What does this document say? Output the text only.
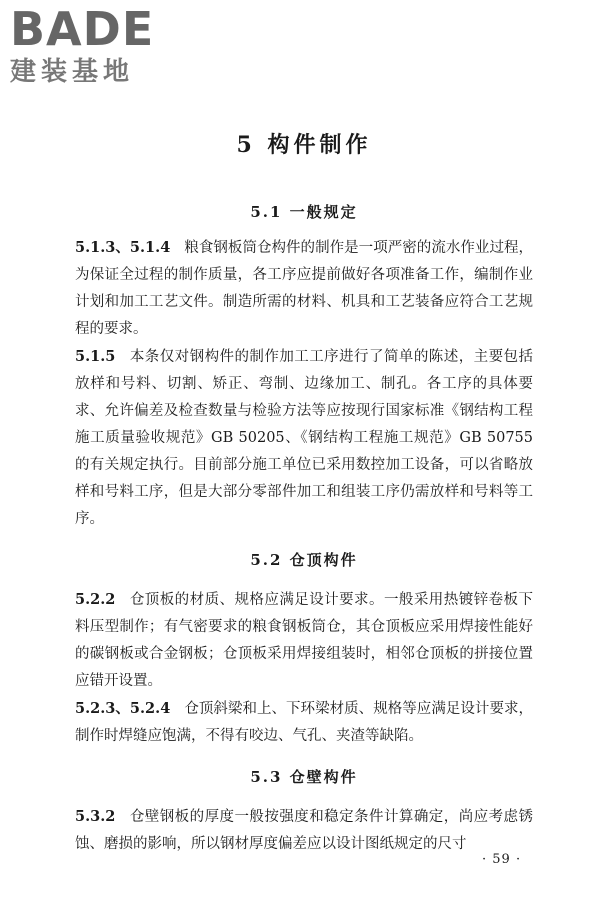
BADE
建装基地
5 构件制作
5.1 一般规定

5.1.3、5.1.4 粮食钢板筒仓构件的制作是一项严密的流水作业过程，为保证全过程的制作质量，各工序应提前做好各项准备工作，编制作业计划和加工工艺文件。制造所需的材料、机具和工艺装备应符合工艺规程的要求。

5.1.5 本条仅对钢构件的制作加工工序进行了简单的陈述，主要包括放样和号料、切割、矫正、弯制、边缘加工、制孔。各工序的具体要求、允许偏差及检查数量与检验方法等应按现行国家标准《钢结构工程施工质量验收规范》GB 50205、《钢结构工程施工规范》GB 50755 的有关规定执行。目前部分施工单位已采用数控加工设备，可以省略放样和号料工序，但是大部分零部件加工和组装工序仍需放样和号料等工序。

5.2 仓顶构件

5.2.2 仓顶板的材质、规格应满足设计要求。一般采用热镀锌卷板下料压型制作；有气密要求的粮食钢板筒仓，其仓顶板应采用焊接性能好的碳钢板或合金钢板；仓顶板采用焊接组装时，相邻仓顶板的拼接位置应错开设置。

5.2.3、5.2.4 仓顶斜梁和上、下环梁材质、规格等应满足设计要求，制作时焊缝应饱满，不得有咬边、气孔、夹渣等缺陷。

5.3 仓壁构件

5.3.2 仓壁钢板的厚度一般按强度和稳定条件计算确定，尚应考虑锈蚀、磨损的影响，所以钢材厚度偏差应以设计图纸规定的尺寸

· 59 ·
